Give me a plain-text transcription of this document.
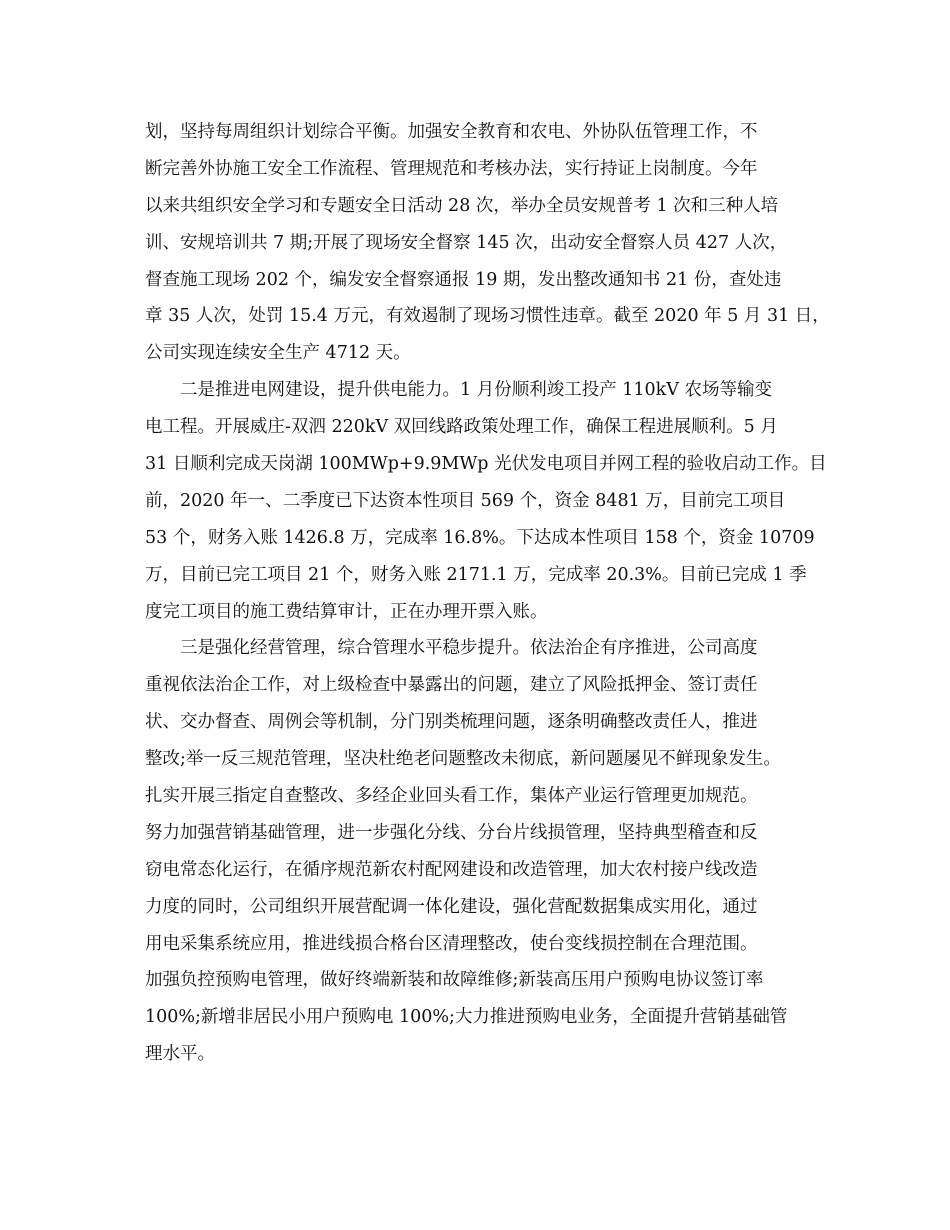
划，坚持每周组织计划综合平衡。加强安全教育和农电、外协队伍管理工作，不
断完善外协施工安全工作流程、管理规范和考核办法，实行持证上岗制度。今年
以来共组织安全学习和专题安全日活动 28 次，举办全员安规普考 1 次和三种人培
训、安规培训共 7 期;开展了现场安全督察 145 次，出动安全督察人员 427 人次，
督查施工现场 202 个，编发安全督察通报 19 期，发出整改通知书 21 份，查处违
章 35 人次，处罚 15.4 万元，有效遏制了现场习惯性违章。截至 2020 年 5 月 31 日，
公司实现连续安全生产 4712 天。
　　二是推进电网建设，提升供电能力。1 月份顺利竣工投产 110kV 农场等输变
电工程。开展威庄-双泗 220kV 双回线路政策处理工作，确保工程进展顺利。5 月
31 日顺利完成天岗湖 100MWp+9.9MWp 光伏发电项目并网工程的验收启动工作。目
前，2020 年一、二季度已下达资本性项目 569 个，资金 8481 万，目前完工项目
53 个，财务入账 1426.8 万，完成率 16.8%。下达成本性项目 158 个，资金 10709
万，目前已完工项目 21 个，财务入账 2171.1 万，完成率 20.3%。目前已完成 1 季
度完工项目的施工费结算审计，正在办理开票入账。
　　三是强化经营管理，综合管理水平稳步提升。依法治企有序推进，公司高度
重视依法治企工作，对上级检查中暴露出的问题，建立了风险抵押金、签订责任
状、交办督查、周例会等机制，分门别类梳理问题，逐条明确整改责任人，推进
整改;举一反三规范管理，坚决杜绝老问题整改未彻底，新问题屡见不鲜现象发生。
扎实开展三指定自查整改、多经企业回头看工作，集体产业运行管理更加规范。
努力加强营销基础管理，进一步强化分线、分台片线损管理，坚持典型稽查和反
窃电常态化运行，在循序规范新农村配网建设和改造管理，加大农村接户线改造
力度的同时，公司组织开展营配调一体化建设，强化营配数据集成实用化，通过
用电采集系统应用，推进线损合格台区清理整改，使台变线损控制在合理范围。
加强负控预购电管理，做好终端新装和故障维修;新装高压用户预购电协议签订率
100%;新增非居民小用户预购电 100%;大力推进预购电业务，全面提升营销基础管
理水平。
